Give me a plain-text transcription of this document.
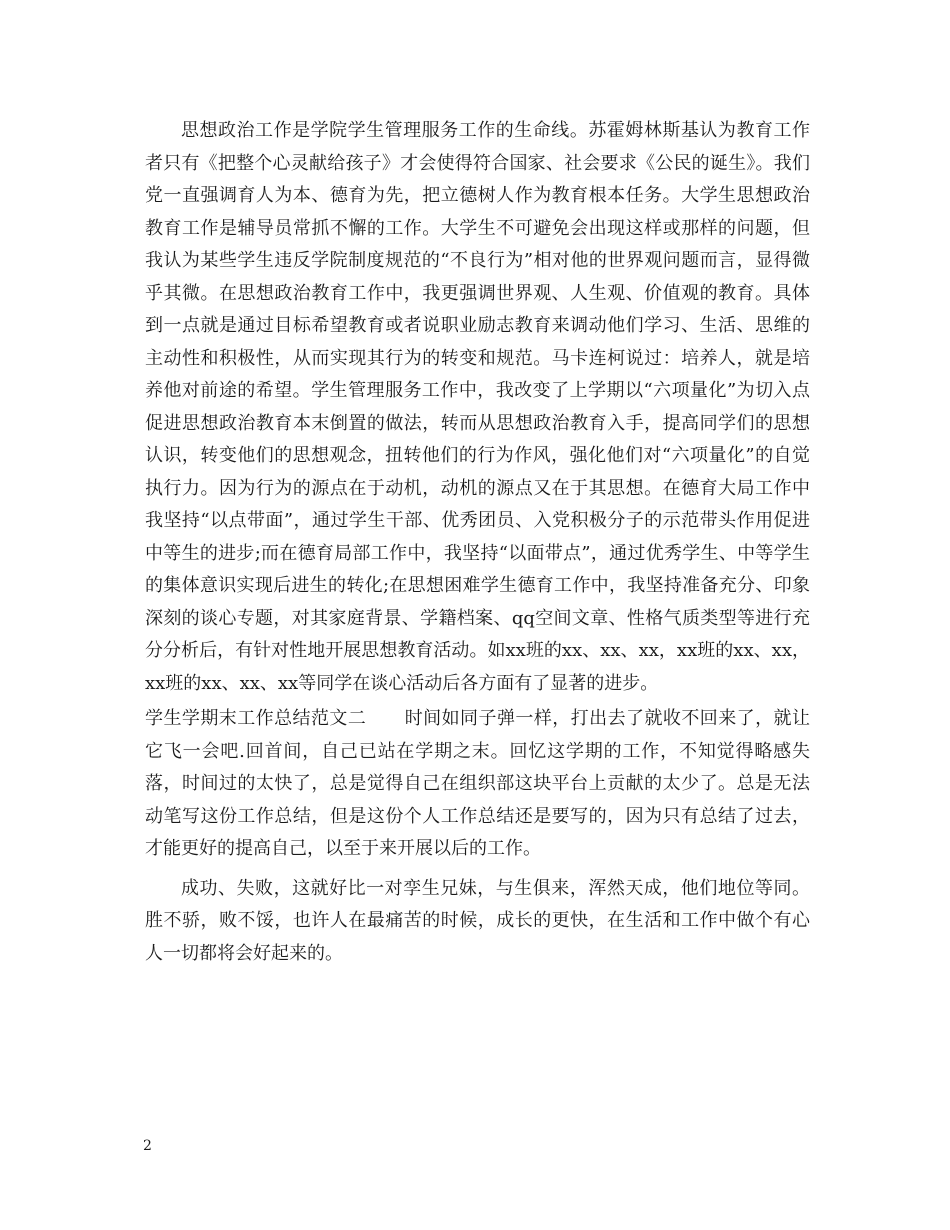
思想政治工作是学院学生管理服务工作的生命线。苏霍姆林斯基认为教育工作者只有《把整个心灵献给孩子》才会使得符合国家、社会要求《公民的诞生》。我们党一直强调育人为本、德育为先，把立德树人作为教育根本任务。大学生思想政治教育工作是辅导员常抓不懈的工作。大学生不可避免会出现这样或那样的问题，但我认为某些学生违反学院制度规范的“不良行为”相对他的世界观问题而言，显得微乎其微。在思想政治教育工作中，我更强调世界观、人生观、价值观的教育。具体到一点就是通过目标希望教育或者说职业励志教育来调动他们学习、生活、思维的主动性和积极性，从而实现其行为的转变和规范。马卡连柯说过：培养人，就是培养他对前途的希望。学生管理服务工作中，我改变了上学期以“六项量化”为切入点促进思想政治教育本末倒置的做法，转而从思想政治教育入手，提高同学们的思想认识，转变他们的思想观念，扭转他们的行为作风，强化他们对“六项量化”的自觉执行力。因为行为的源点在于动机，动机的源点又在于其思想。在德育大局工作中我坚持“以点带面”，通过学生干部、优秀团员、入党积极分子的示范带头作用促进中等生的进步;而在德育局部工作中，我坚持“以面带点”，通过优秀学生、中等学生的集体意识实现后进生的转化;在思想困难学生德育工作中，我坚持准备充分、印象深刻的谈心专题，对其家庭背景、学籍档案、qq空间文章、性格气质类型等进行充分分析后，有针对性地开展思想教育活动。如xx班的xx、xx、xx，xx班的xx、xx，xx班的xx、xx、xx等同学在谈心活动后各方面有了显著的进步。

学生学期末工作总结范文二 时间如同子弹一样，打出去了就收不回来了，就让它飞一会吧.回首间，自己已站在学期之末。回忆这学期的工作，不知觉得略感失落，时间过的太快了，总是觉得自己在组织部这块平台上贡献的太少了。总是无法动笔写这份工作总结，但是这份个人工作总结还是要写的，因为只有总结了过去，才能更好的提高自己，以至于来开展以后的工作。

成功、失败，这就好比一对孪生兄妹，与生俱来，浑然天成，他们地位等同。胜不骄，败不馁，也许人在最痛苦的时候，成长的更快，在生活和工作中做个有心人一切都将会好起来的。

2
